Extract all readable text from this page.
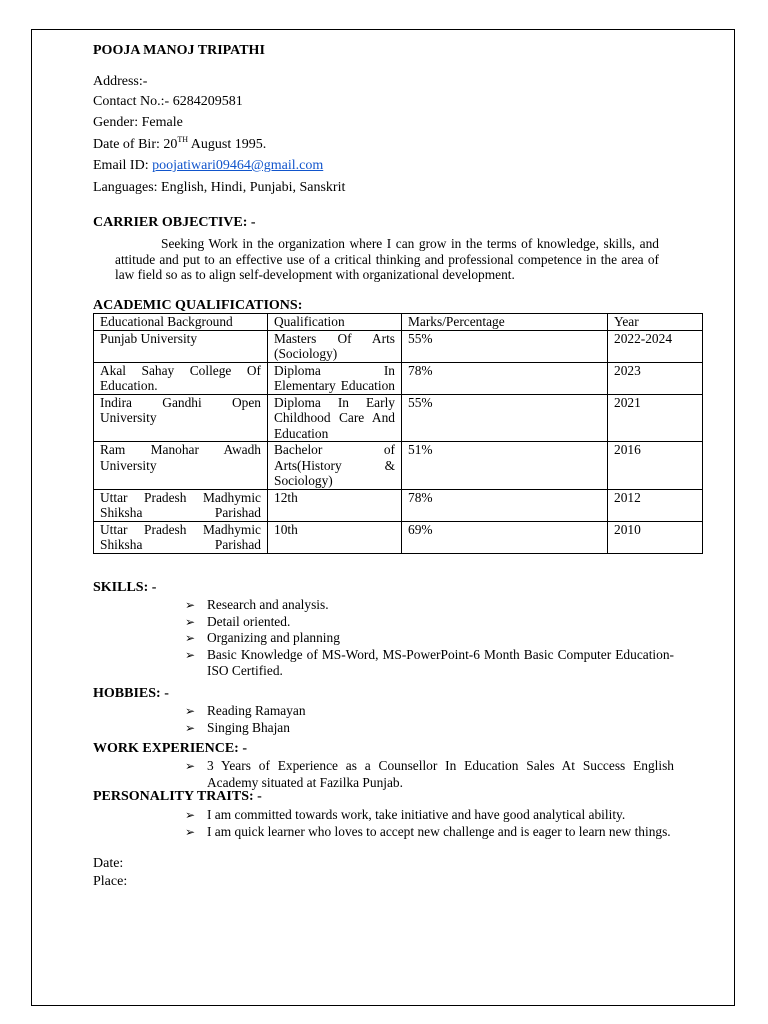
POOJA MANOJ TRIPATHI
Address:-
Contact No.:- 6284209581
Gender: Female
Date of Bir: 20TH August 1995.
Email ID: poojatiwari09464@gmail.com
Languages: English, Hindi, Punjabi, Sanskrit
CARRIER OBJECTIVE: -
Seeking Work in the organization where I can grow in the terms of knowledge, skills, and attitude and put to an effective use of a critical thinking and professional competence in the area of law field so as to align self-development with organizational development.
ACADEMIC QUALIFICATIONS:
Educational Background	Qualification	Marks/Percentage	Year
Punjab University	Masters Of Arts (Sociology)	55%	2022-2024
Akal Sahay College Of Education.	Diploma In Elementary Education	78%	2023
Indira Gandhi Open University	Diploma In Early Childhood Care And Education	55%	2021
Ram Manohar Awadh University	Bachelor of Arts(History & Sociology)	51%	2016
Uttar Pradesh Madhymic Shiksha Parishad	12th	78%	2012
Uttar Pradesh Madhymic Shiksha Parishad	10th	69%	2010
SKILLS: -
➢ Research and analysis.
➢ Detail oriented.
➢ Organizing and planning
➢ Basic Knowledge of MS-Word, MS-PowerPoint-6 Month Basic Computer Education- ISO Certified.
HOBBIES: -
➢ Reading Ramayan
➢ Singing Bhajan
WORK EXPERIENCE: -
➢ 3 Years of Experience as a Counsellor In Education Sales At Success English Academy situated at Fazilka Punjab.
PERSONALITY TRAITS: -
➢ I am committed towards work, take initiative and have good analytical ability.
➢ I am quick learner who loves to accept new challenge and is eager to learn new things.
Date:
Place:
